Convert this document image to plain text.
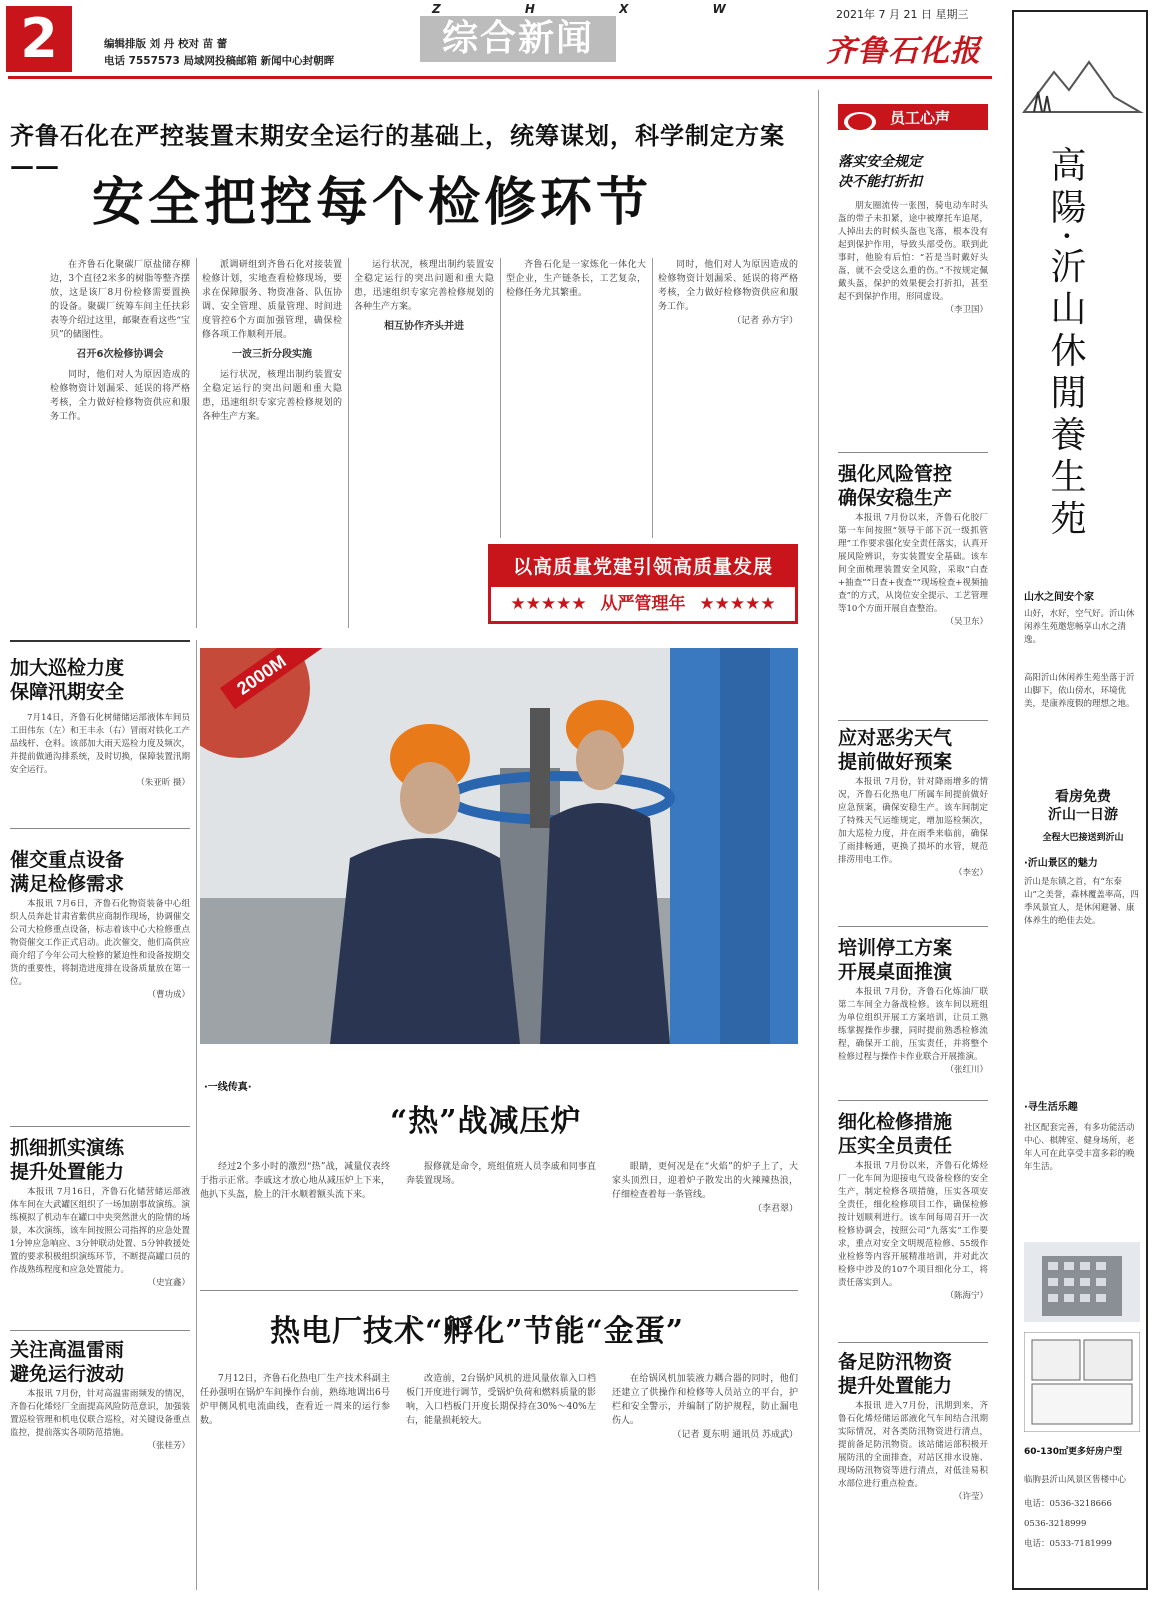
2	编辑排版 刘 丹 校对 苗 蕾
电话 7557573 局域网投稿邮箱 新闻中心封朝晖
Z H X W
综合新闻
2021年 7 月 21 日 星期三
齐鲁石化报
齐鲁石化在严控装置末期安全运行的基础上，统筹谋划，科学制定方案——
安全把控每个检修环节

在齐鲁石化聚碳厂原盐储存柳边，3个直径2米多的树脂等整齐摆放，这是该厂8月份检修需要置换的设备。聚碳厂统筹车间主任扶彩表等介绍过这里，邮聚查看这些“宝贝”的储图性。

召开6次检修协调会

同时，他们对人为原因造成的检修物资计划漏采、延误的将严格考核，全力做好检修物资供应和服务工作。

派调研组到齐鲁石化对接装置检修计划，实地查看检修现场，要求在保障服务、物资准备、队伍协调、安全管理、质量管理、时间进度管控6个方面加强管理，确保检修各项工作顺利开展。

一波三折分段实施

运行状况，核理出制约装置安全稳定运行的突出问题和重大隐患，迅速组织专家完善检修规划的各种生产方案。

运行状况，核理出制约装置安全稳定运行的突出问题和重大隐患，迅速组织专家完善检修规划的各种生产方案。

相互协作齐头并进

齐鲁石化是一家炼化一体化大型企业，生产链条长，工艺复杂，检修任务尤其繁重。

同时，他们对人为原因造成的检修物资计划漏采、延误的将严格考核，全力做好检修物资供应和服务工作。

（记者 孙方宇）
以高质量党建引领高质量发展
★★★★★ 从严管理年 ★★★★★
2000M
·一线传真·
“热”战减压炉

经过2个多小时的激烈“热”战，减量仪表终于指示正常。李戚这才放心地从减压炉上下来，他扒下头盔，脸上的汗水顺着额头流下来。

报修就是命令，班组值班人员李戚和同事直奔装置现场。

眼睛，更何况是在“火焰”的炉子上了，大家头顶烈日，迎着炉子散发出的火辣辣热浪，仔细检查着每一条管线。

（李君翠）
热电厂技术“孵化”节能“金蛋”

7月12日，齐鲁石化热电厂生产技术科副主任孙强明在锅炉车间操作台前，熟练地调出6号炉甲侧风机电流曲线，查看近一周来的运行参数。

改造前，2台锅炉风机的进风量依靠入口档板门开度进行调节，受锅炉负荷和燃料质量的影响，入口档板门开度长期保持在30%～40%左右，能量损耗较大。

在给锅风机加装液力耦合器的同时，他们还建立了供操作和检修等人员站立的平台，护栏和安全警示，并编制了防护规程，防止漏电伤人。

（记者 夏东明 通讯员 苏成武）
加大巡检力度
保障汛期安全

7月14日，齐鲁石化树储储运部液体车间员工田伟东（左）和王丰永（右）冒雨对铁化工产品线杆、仓料。该部加大雨天巡检力度及频次，并提前做通沟排系统，及时切换，保障装置汛期安全运行。

（朱亚昕 摄）
催交重点设备
满足检修需求

本报讯 7月6日，齐鲁石化物资装备中心组织人员奔赴甘肃省紫供应商制作现场，协调催交公司大检修重点设备，标志着该中心大检修重点物资催交工作正式启动。此次催交，他们高供应商介绍了今年公司大检修的紧迫性和设备按期交货的重要性，将制造进度排在设备质量放在第一位。

（曹功成）
抓细抓实演练
提升处置能力

本报讯 7月16日，齐鲁石化储营储运部液体车间在大武罐区组织了一场加剧事故演练。演练模拟了机动车在罐口中央突然泄火的险情的场景，本次演练，该车间按照公司指挥的应急处置1分钟应急响应、3分钟联动处置、5分钟救援处置的要求积极组织演练环节，不断提高罐口员的作战熟练程度和应急处置能力。

（史宜鑫）
关注高温雷雨
避免运行波动

本报讯 7月份，针对高温雷雨频发的情况，齐鲁石化烯烃厂全面提高风险防范意识，加强装置巡检管理和机电仪联合巡检，对关键设备重点监控，提前落实各项防范措施。

（张桂芳）
员工心声
落实安全规定
决不能打折扣

朋友圈流传一张图，骑电动车时头盔的带子未扣紧，途中被摩托车追尾，人掉出去的时候头盔也飞落，根本没有起到保护作用，导致头部受伤。联到此事时，他脸有后怕：“若是当时戴好头盔，就不会受这么重的伤。”不按规定佩戴头盔，保护的效果便会打折扣，甚至起不到保护作用，形同虚设。

（李卫国）
强化风险管控
确保安稳生产

本报讯 7月份以来，齐鲁石化胶厂第一车间按照“领导干部下沉一级抓管理”工作要求强化安全责任落实，认真开展风险辨识，夯实装置安全基础。该车间全面梳理装置安全风险，采取“白查+抽查”“日查+夜查”“现场检查+视频抽查”的方式，从岗位安全提示、工艺管理等10个方面开展自查整治。

（吴卫东）
应对恶劣天气
提前做好预案

本报讯 7月份，针对降雨增多的情况，齐鲁石化热电厂所属车间提前做好应急预案，确保安稳生产。该车间制定了特殊天气运维规定，增加巡检频次，加大巡检力度，并在雨季来临前，确保了雨排畅通，更换了损坏的水管，规范排涝用电工作。

（李宏）
培训停工方案
开展桌面推演

本报讯 7月份，齐鲁石化炼油厂联第二车间全力备战检修。该车间以班组为单位组织开展工方案培训，让员工熟练掌握操作步骤，同时提前熟悉检修流程，确保开工前，压实责任，并将整个检修过程与操作卡作业联合开展推演。

（张红川）
细化检修措施
压实全员责任

本报讯 7月份以来，齐鲁石化烯烃厂一化车间为迎接电气设备检修的安全生产，制定检修各项措施，压实各项安全责任，细化检修项目工作，确保检修按计划顺利进行。该车间每周召开一次检修协调会，按照公司“九落实”工作要求，重点对安全文明规范检修、55级作业检修等内容开展精准培训，并对此次检修中涉及的107个项目细化分工，将责任落实到人。

（陈海宁）
备足防汛物资
提升处置能力

本报讯 进入7月份，汛期到来，齐鲁石化烯烃储运部液化气车间结合汛期实际情况，对各类防汛物资进行清点，提前备足防汛物资。该站储运部积极开展防汛的全面排查，对站区排水设施、现场防汛物资等进行清点，对低洼易积水部位进行重点检查。

（许莹）
高陽·沂山休閒養生苑
山水之间安个家
山好，水好，空气好。沂山休闲养生苑邀您畅享山水之清逸。
高阳沂山休闲养生苑坐落于沂山脚下，依山傍水，环境优美，是康养度假的理想之地。
看房免费
沂山一日游
全程大巴接送到沂山
·沂山景区的魅力
沂山是东镇之首，有“东泰山”之美誉，森林覆盖率高，四季风景宜人，是休闲避暑、康体养生的绝佳去处。
·寻生活乐趣
社区配套完善，有多功能活动中心、棋牌室、健身场所，老年人可在此享受丰富多彩的晚年生活。
60-130㎡更多好房户型
临朐县沂山风景区售楼中心
电话：0536-3218666
0536-3218999
电话：0533-7181999
